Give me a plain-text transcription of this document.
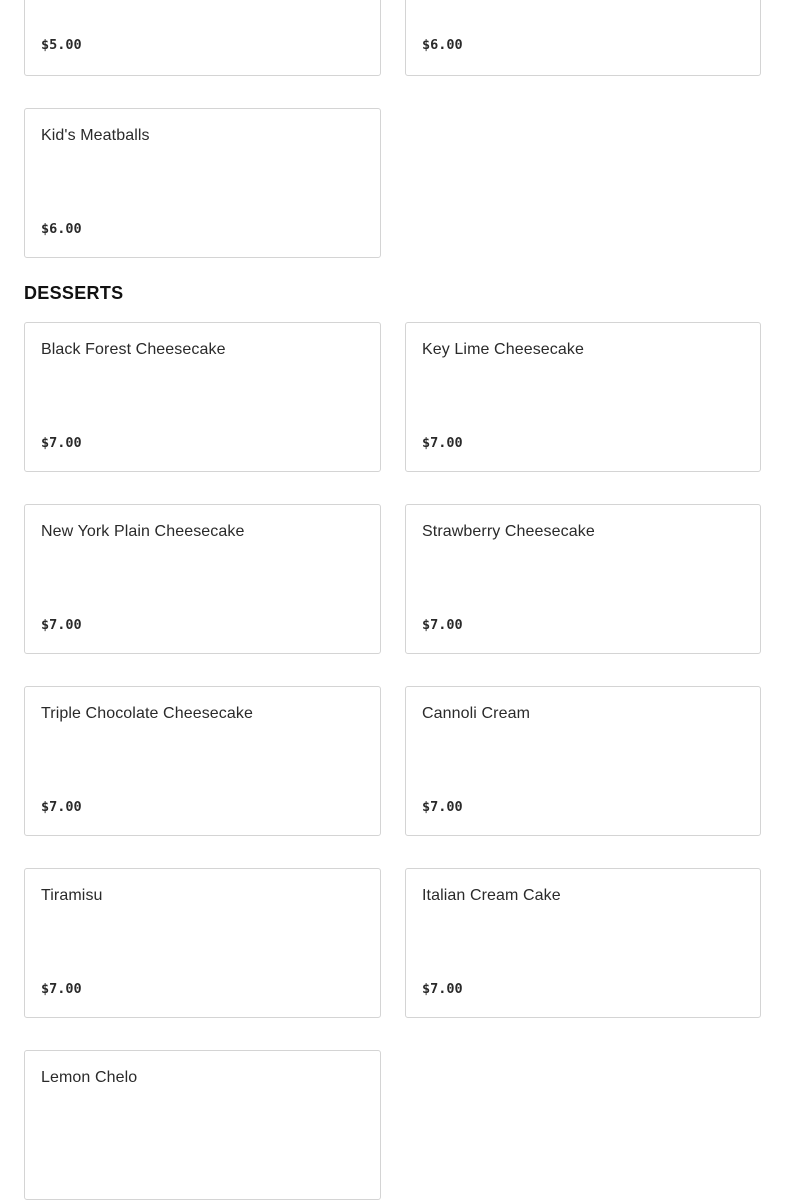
$5.00	$6.00
Kid's Meatballs
$6.00
DESSERTS
Black Forest Cheesecake
$7.00
Key Lime Cheesecake
$7.00
New York Plain Cheesecake
$7.00
Strawberry Cheesecake
$7.00
Triple Chocolate Cheesecake
$7.00
Cannoli Cream
$7.00
Tiramisu
$7.00
Italian Cream Cake
$7.00
Lemon Chelo
